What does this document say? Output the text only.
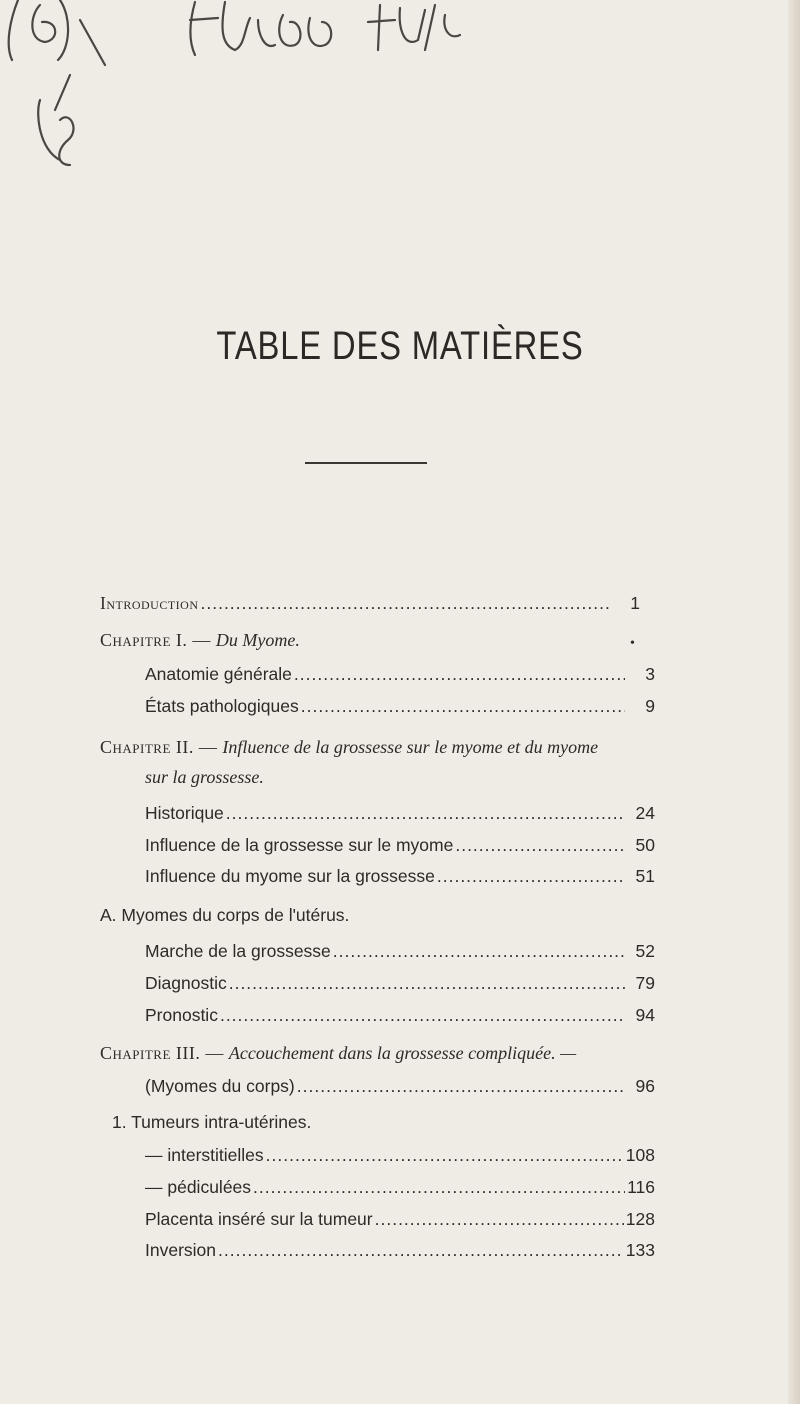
TABLE DES MATIÈRES
Introduction .....	1
Chapitre I. — Du Myome.	•
Anatomie générale .....	3
États pathologiques .....	9
Chapitre II. — Influence de la grossesse sur le myome et du myome
sur la grossesse.
Historique .....	24
Influence de la grossesse sur le myome .....	50
Influence du myome sur la grossesse .....	51
A. Myomes du corps de l'utérus.
Marche de la grossesse .....	52
Diagnostic .....	79
Pronostic .....	94
Chapitre III. — Accouchement dans la grossesse compliquée. —
(Myomes du corps) .....	96
1. Tumeurs intra-utérines.
— interstitielles .....	108
— pédiculées .....	116
Placenta inséré sur la tumeur .....	128
Inversion .....	133
